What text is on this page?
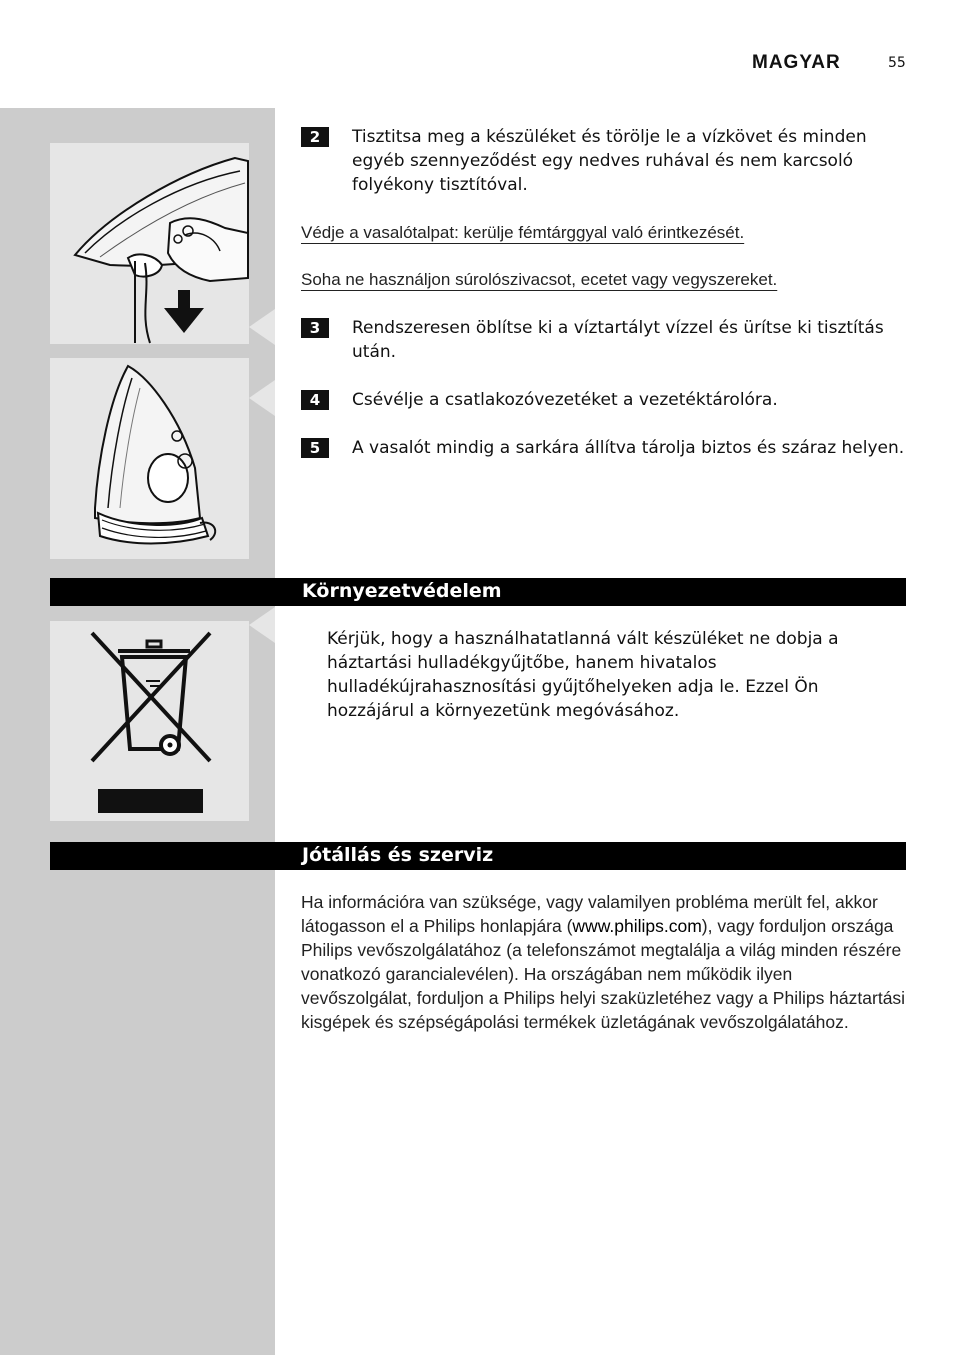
MAGYAR	55
2	Tisztitsa meg a készüléket és törölje le a vízkövet és minden egyéb szennyeződést egy nedves ruhával és nem karcsoló folyékony tisztítóval.
Védje a vasalótalpat: kerülje fémtárggyal való érintkezését.
Soha ne használjon súrolószivacsot, ecetet vagy vegyszereket.
3	Rendszeresen öblítse ki a víztartályt vízzel és ürítse ki tisztítás után.
4	Csévélje a csatlakozóvezetéket a vezetéktárolóra.
5	A vasalót mindig a sarkára állítva tárolja biztos és száraz helyen.
Környezetvédelem
Kérjük, hogy a használhatatlanná vált készüléket ne dobja a háztartási hulladékgyűjtőbe, hanem hivatalos hulladékújrahasznosítási gyűjtőhelyeken adja le. Ezzel Ön hozzájárul a környezetünk megóvásához.
Jótállás és szerviz
Ha információra van szüksége, vagy valamilyen probléma merült fel, akkor látogasson el a Philips honlapjára (www.philips.com), vagy forduljon országa Philips vevőszolgálatához (a telefonszámot megtalálja a világ minden részére vonatkozó garancialevélen). Ha országában nem működik ilyen vevőszolgálat, forduljon a Philips helyi szaküzletéhez vagy a Philips háztartási kisgépek és szépségápolási termékek üzletágának vevőszolgálatához.
